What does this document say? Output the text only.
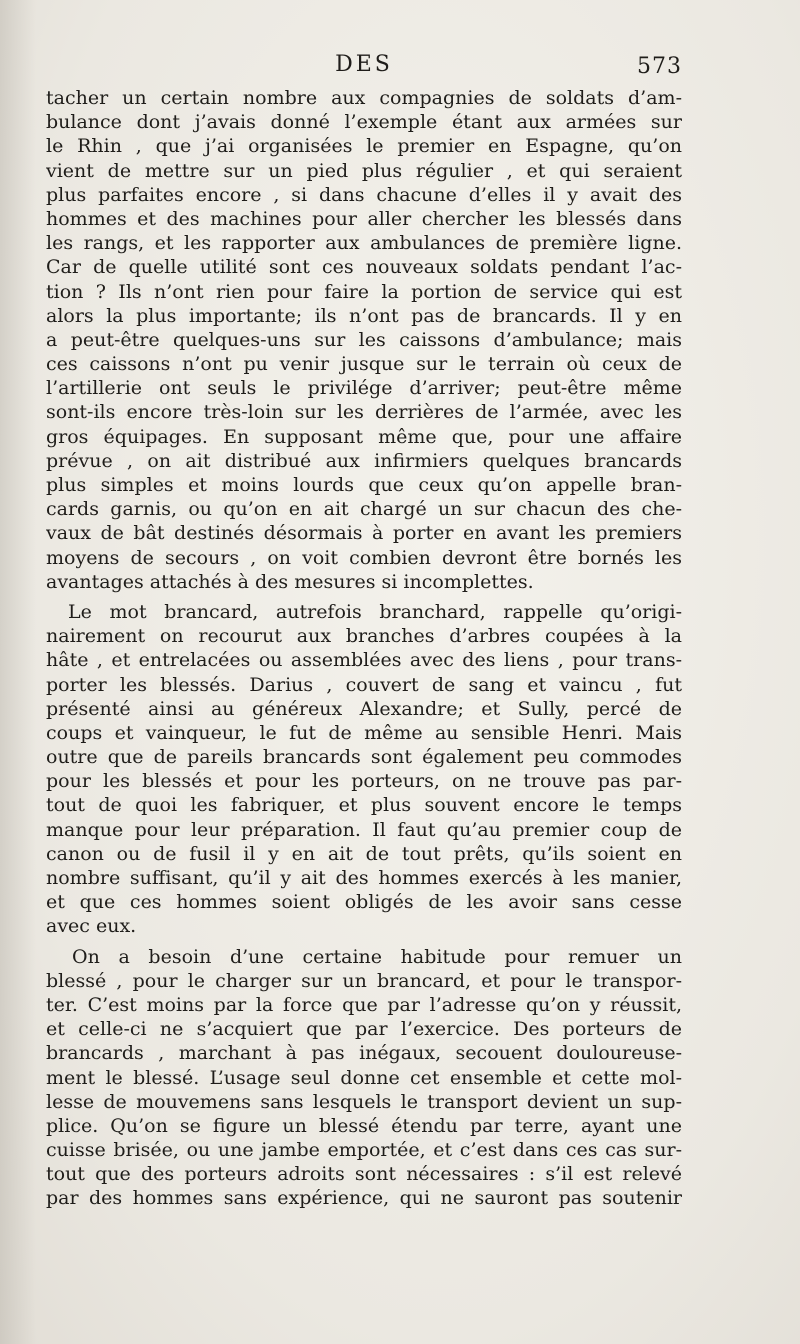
DES	573
tacher un certain nombre aux compagnies de soldats d’am-
bulance dont j’avais donné l’exemple étant aux armées sur
le Rhin , que j’ai organisées le premier en Espagne, qu’on
vient de mettre sur un pied plus régulier , et qui seraient
plus parfaites encore , si dans chacune d’elles il y avait des
hommes et des machines pour aller chercher les blessés dans
les rangs, et les rapporter aux ambulances de première ligne.
Car de quelle utilité sont ces nouveaux soldats pendant l’ac-
tion ? Ils n’ont rien pour faire la portion de service qui est
alors la plus importante; ils n’ont pas de brancards. Il y en
a peut-être quelques-uns sur les caissons d’ambulance; mais
ces caissons n’ont pu venir jusque sur le terrain où ceux de
l’artillerie ont seuls le privilége d’arriver; peut-être même
sont-ils encore très-loin sur les derrières de l’armée, avec les
gros équipages. En supposant même que, pour une affaire
prévue , on ait distribué aux infirmiers quelques brancards
plus simples et moins lourds que ceux qu’on appelle bran-
cards garnis, ou qu’on en ait chargé un sur chacun des che-
vaux de bât destinés désormais à porter en avant les premiers
moyens de secours , on voit combien devront être bornés les
avantages attachés à des mesures si incomplettes.
Le mot brancard, autrefois branchard, rappelle qu’origi-
nairement on recourut aux branches d’arbres coupées à la
hâte , et entrelacées ou assemblées avec des liens , pour trans-
porter les blessés. Darius , couvert de sang et vaincu , fut
présenté ainsi au généreux Alexandre; et Sully, percé de
coups et vainqueur, le fut de même au sensible Henri. Mais
outre que de pareils brancards sont également peu commodes
pour les blessés et pour les porteurs, on ne trouve pas par-
tout de quoi les fabriquer, et plus souvent encore le temps
manque pour leur préparation. Il faut qu’au premier coup de
canon ou de fusil il y en ait de tout prêts, qu’ils soient en
nombre suffisant, qu’il y ait des hommes exercés à les manier,
et que ces hommes soient obligés de les avoir sans cesse
avec eux.
On a besoin d’une certaine habitude pour remuer un
blessé , pour le charger sur un brancard, et pour le transpor-
ter. C’est moins par la force que par l’adresse qu’on y réussit,
et celle-ci ne s’acquiert que par l’exercice. Des porteurs de
brancards , marchant à pas inégaux, secouent douloureuse-
ment le blessé. L’usage seul donne cet ensemble et cette mol-
lesse de mouvemens sans lesquels le transport devient un sup-
plice. Qu’on se figure un blessé étendu par terre, ayant une
cuisse brisée, ou une jambe emportée, et c’est dans ces cas sur-
tout que des porteurs adroits sont nécessaires : s’il est relevé
par des hommes sans expérience, qui ne sauront pas soutenir
